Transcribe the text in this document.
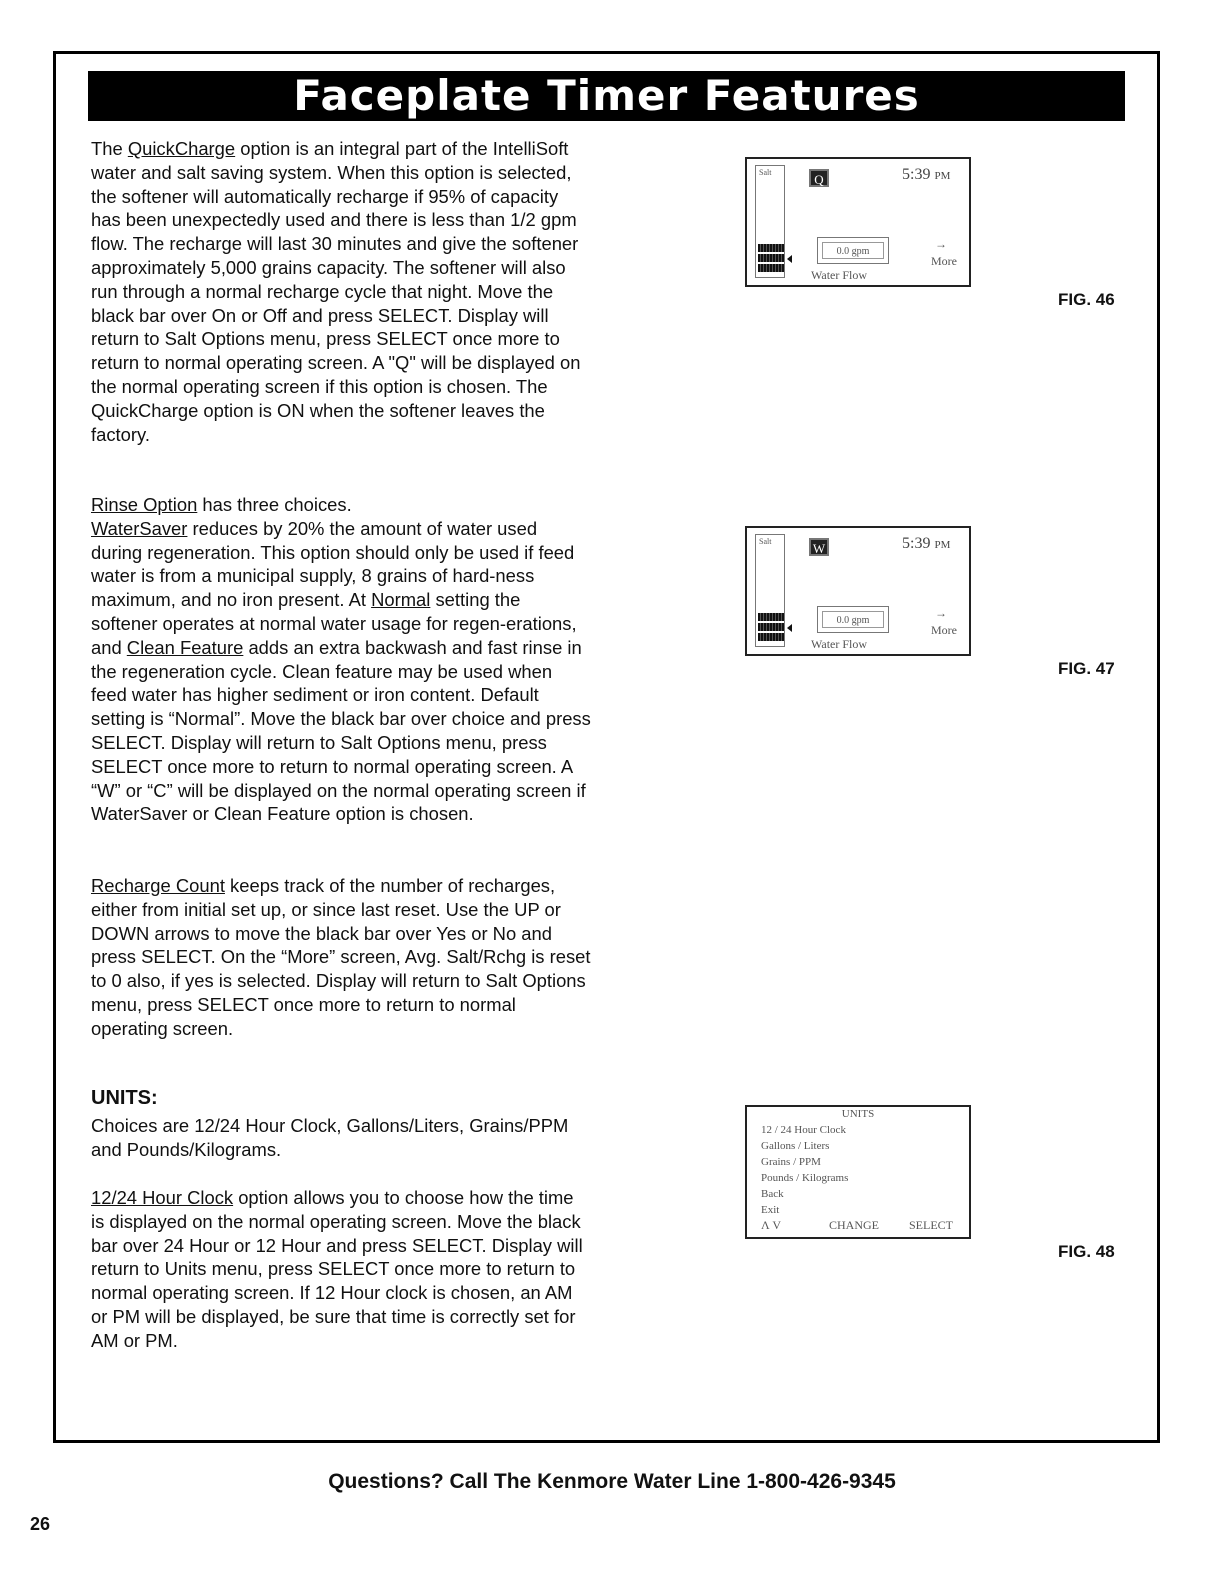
Faceplate Timer Features

The QuickCharge option is an integral part of the IntelliSoft water and salt saving system. When this option is selected, the softener will automatically recharge if 95% of capacity has been unexpectedly used and there is less than 1/2 gpm flow. The recharge will last 30 minutes and give the softener approximately 5,000 grains capacity. The softener will also run through a normal recharge cycle that night. Move the black bar over On or Off and press SELECT. Display will return to Salt Options menu, press SELECT once more to return to normal operating screen. A "Q" will be displayed on the normal operating screen if this option is chosen. The QuickCharge option is ON when the softener leaves the factory.

Rinse Option has three choices.

WaterSaver reduces by 20% the amount of water used during regeneration. This option should only be used if feed water is from a municipal supply, 8 grains of hard-ness maximum, and no iron present. At Normal setting the softener operates at normal water usage for regen-erations, and Clean Feature adds an extra backwash and fast rinse in the regeneration cycle. Clean feature may be used when feed water has higher sediment or iron content. Default setting is “Normal”. Move the black bar over choice and press SELECT. Display will return to Salt Options menu, press SELECT once more to return to normal operating screen. A “W” or “C” will be displayed on the normal operating screen if WaterSaver or Clean Feature option is chosen.

Recharge Count keeps track of the number of recharges, either from initial set up, or since last reset. Use the UP or DOWN arrows to move the black bar over Yes or No and press SELECT. On the “More” screen, Avg. Salt/Rchg is reset to 0 also, if yes is selected. Display will return to Salt Options menu, press SELECT once more to return to normal operating screen.

UNITS:

Choices are 12/24 Hour Clock, Gallons/Liters, Grains/PPM and Pounds/Kilograms.

12/24 Hour Clock option allows you to choose how the time is displayed on the normal operating screen. Move the black bar over 24 Hour or 12 Hour and press SELECT. Display will return to Units menu, press SELECT once more to return to normal operating screen. If 12 Hour clock is chosen, an AM or PM will be displayed, be sure that time is correctly set for AM or PM.

Salt	Q	5:39 PM
0.0 gpm
Water Flow
→
More
FIG. 46
Salt	W	5:39 PM
0.0 gpm
Water Flow
→
More
FIG. 47
UNITS
12 / 24 Hour Clock
Gallons / Liters
Grains / PPM
Pounds / Kilograms
Back
Exit
Λ V	CHANGE	SELECT
FIG. 48
Questions? Call The Kenmore Water Line 1-800-426-9345
26
